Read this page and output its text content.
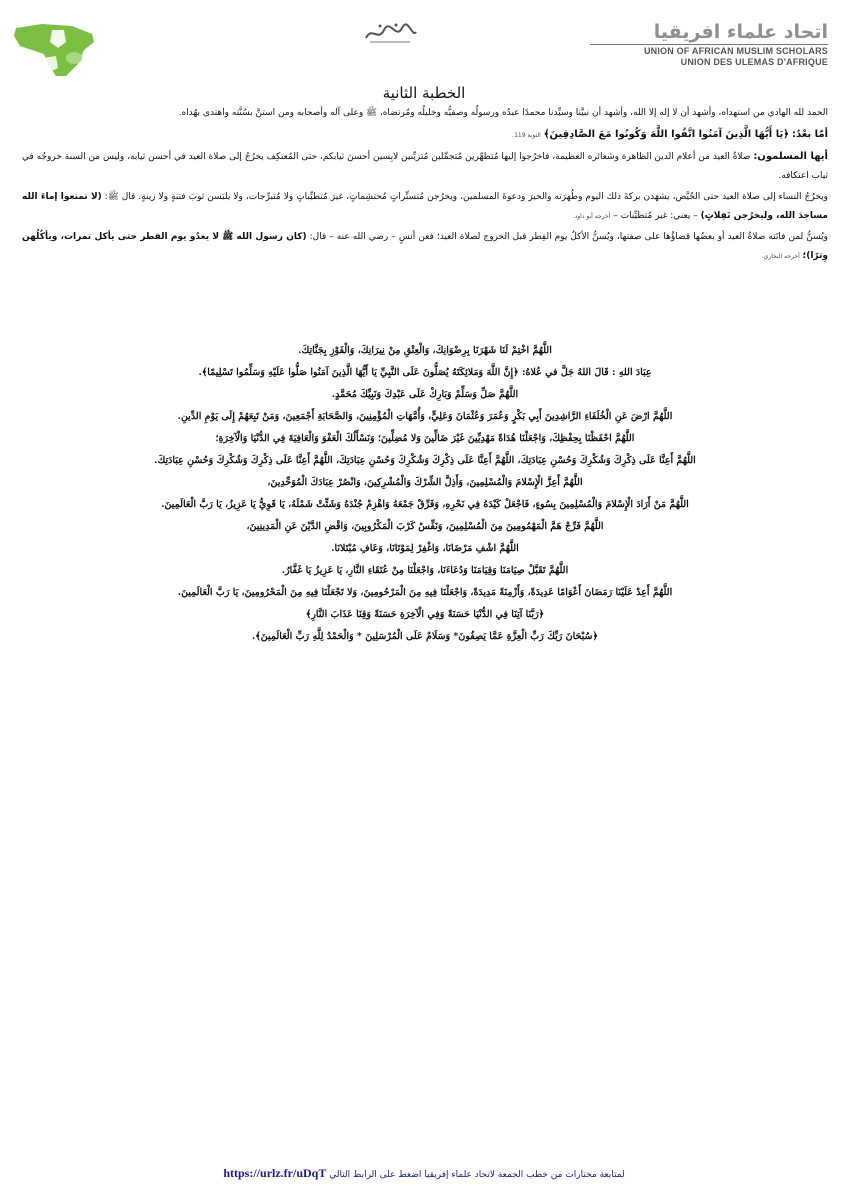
اتحاد علماء افريقيا
UNION OF AFRICAN MUSLIM SCHOLARS
UNION DES ULEMAS D'AFRIQUE
الخطبة الثانية

الحمد لله الهادي من استهداه، وأشهد أن لا إله إلا الله، وأشهد أن نبيَّنا وسيِّدنا محمدًا عبدُه ورسولُه وصفيُّه وخليلُه ومُرتضاه، ﷺ وعلى آله وأصحابه ومن استنَّ بسُنَّته واهتدى بهُداه.

أمّا بعْدُ: ﴿يَا أَيُّهَا الَّذِينَ آمَنُوا اتَّقُوا اللَّهَ وَكُونُوا مَعَ الصَّادِقِينَ﴾ التوبة 119.

أيها المسلمون: صلاةُ العيد من أعلام الدين الظاهرة وشعائره العظيمة، فاخرُجوا إليها مُتطهِّرين مُتجمِّلين مُتزيِّنين لابِسين أحسنَ ثيابكم، حتى المُعتكِف يخرُجُ إلى صلاة العيد في أحسن ثيابه، وليس من السنة خروجُه في ثياب اعتكافه.

ويخرُجُ النساء إلى صلاة العيد حتى الحُيَّض، يشهَدن بركةَ ذلك اليوم وطُهرَته والخيرَ ودعوةَ المسلمين، ويخرُجن مُتستِّراتٍ مُحتشِماتٍ، غيرَ مُتطيِّباتٍ ولا مُتبرِّجات، ولا يلبَسن ثوبَ فتنةٍ ولا زينةٍ. قال ﷺ: (لا تمنعوا إماءَ الله مساجدَ الله، وليخرُجن تَفِلاتٍ) – يعني: غير مُتطيِّبات – أخرجه أبو داود.

ويُسنُّ لمن فاتَته صلاةُ العيد أو بعضُها قضاؤُها على صفتها، ويُسنُّ الأكلُ يوم الفِطر قبل الخروج لصلاة العيد؛ فعن أنسٍ – رضي الله عنه – قال: (كان رسول الله ﷺ لا يغدُو يوم الفطر حتى يأكل تمرات، ويأكُلُهن وِترًا)؛ أخرجه البخاري.

اللَّهُمَّ اخْتِمْ لَنَا شَهْرَنَا بِرِضْوَانِكَ، وَالْعِتْقِ مِنْ نِيرَانِكَ، وَالْفَوْزِ بِجَنَّاتِكَ.
عِبَادَ اللهِ : قَالَ اللهُ جَلَّ في عُلاهُ: ﴿إِنَّ اللَّهَ وَمَلائِكَتَهُ يُصَلُّونَ عَلَى النَّبِيِّ يَا أَيُّهَا الَّذِينَ آمَنُوا صَلُّوا عَلَيْهِ وَسَلِّمُوا تَسْلِيمًا﴾.
اللَّهُمَّ صَلِّ وَسَلِّمْ وَبَارِكْ عَلَى عَبْدِكَ وَنَبِيِّكَ مُحَمَّدٍ.
اللَّهُمَّ ارْضَ عَنِ الْخُلَفَاءِ الرَّاشِدِينَ أَبِي بَكْرٍ وَعُمَرَ وَعُثْمَانَ وَعَلِيٍّ، وَأُمَّهَاتِ الْمُؤْمِنِينَ، وَالصَّحَابَةِ أَجْمَعِينَ، وَمَنْ تَبِعَهُمْ إِلَى يَوْمِ الدِّينِ.
اللَّهُمَّ احْفَظْنَا بِحِفْظِكَ، وَاجْعَلْنَا هُدَاةً مَهْدِيِّينَ غَيْرَ ضَالِّينَ وَلا مُضِلِّينَ؛ وَنَسْأَلُكَ الْعَفْوَ وَالْعَافِيَةَ فِي الدُّنْيَا وَالْآخِرَةِ؛
اللَّهُمَّ أَعِنَّا عَلَى ذِكْرِكَ وَشُكْرِكَ وَحُسْنِ عِبَادَتِكَ، اللَّهُمَّ أَعِنَّا عَلَى ذِكْرِكَ وَشُكْرِكَ وَحُسْنِ عِبَادَتِكَ، اللَّهُمَّ أَعِنَّا عَلَى ذِكْرِكَ وَشُكْرِكَ وَحُسْنِ عِبَادَتِكَ.
اللَّهُمَّ أَعِزَّ الْإِسْلامَ وَالْمُسْلِمِينَ، وَأَذِلَّ الشِّرْكَ وَالْمُشْرِكِينَ، وَانْصُرْ عِبَادَكَ الْمُوَحِّدِينَ،
اللَّهُمَّ مَنْ أَرَادَ الْإِسْلامَ وَالْمُسْلِمِينَ بِسُوءٍ، فَاجْعَلْ كَيْدَهُ فِي نَحْرِهِ، وَفَرِّقْ جَمْعَهُ وَاهْزِمْ جُنْدَهُ وَشَتِّتْ شَمْلَهُ، يَا قَوِيُّ يَا عَزِيزُ، يَا رَبَّ الْعَالَمِينَ.
اللَّهُمَّ فَرِّجْ هَمَّ الْمَهْمُومِينَ مِنَ الْمُسْلِمِينَ، وَنَفِّسْ كَرْبَ الْمَكْرُوبِينَ، وَاقْضِ الدَّيْنَ عَنِ الْمَدِينِينَ،
اللَّهُمَّ اشْفِ مَرْضَانَا، وَاغْفِرْ لِمَوْتَانَا، وَعَافِ مُبْتَلانَا.
اللَّهُمَّ تَقَبَّلْ صِيَامَنَا وَقِيَامَنَا وَدُعَاءَنَا، وَاجْعَلْنَا مِنْ عُتَقَاءِ النَّارِ، يَا عَزِيزُ يَا غَفَّارُ.
اللَّهُمَّ أَعِدْ عَلَيْنَا رَمَضَانَ أَعْوَامًا عَدِيدَةً، وَأَزْمِنَةً مَدِيدَةً، وَاجْعَلْنَا فِيهِ مِنَ الْمَرْحُومِينَ، وَلا تَجْعَلْنَا فِيهِ مِنَ الْمَحْرُومِينَ، يَا رَبَّ الْعَالَمِينَ.
﴿رَبَّنَا آتِنَا فِي الدُّنْيَا حَسَنَةً وَفِي الْآخِرَةِ حَسَنَةً وَقِنَا عَذَابَ النَّارِ﴾
﴿سُبْحَانَ رَبِّكَ رَبِّ الْعِزَّةِ عَمَّا يَصِفُونَ* وَسَلَامٌ عَلَى الْمُرْسَلِينَ * وَالْحَمْدُ لِلَّهِ رَبِّ الْعَالَمِينَ﴾.
لمتابعة مختارات من خطب الجمعة لاتحاد علماء إفريقيا اضغط على الرابط التالي https://urlz.fr/uDqT
